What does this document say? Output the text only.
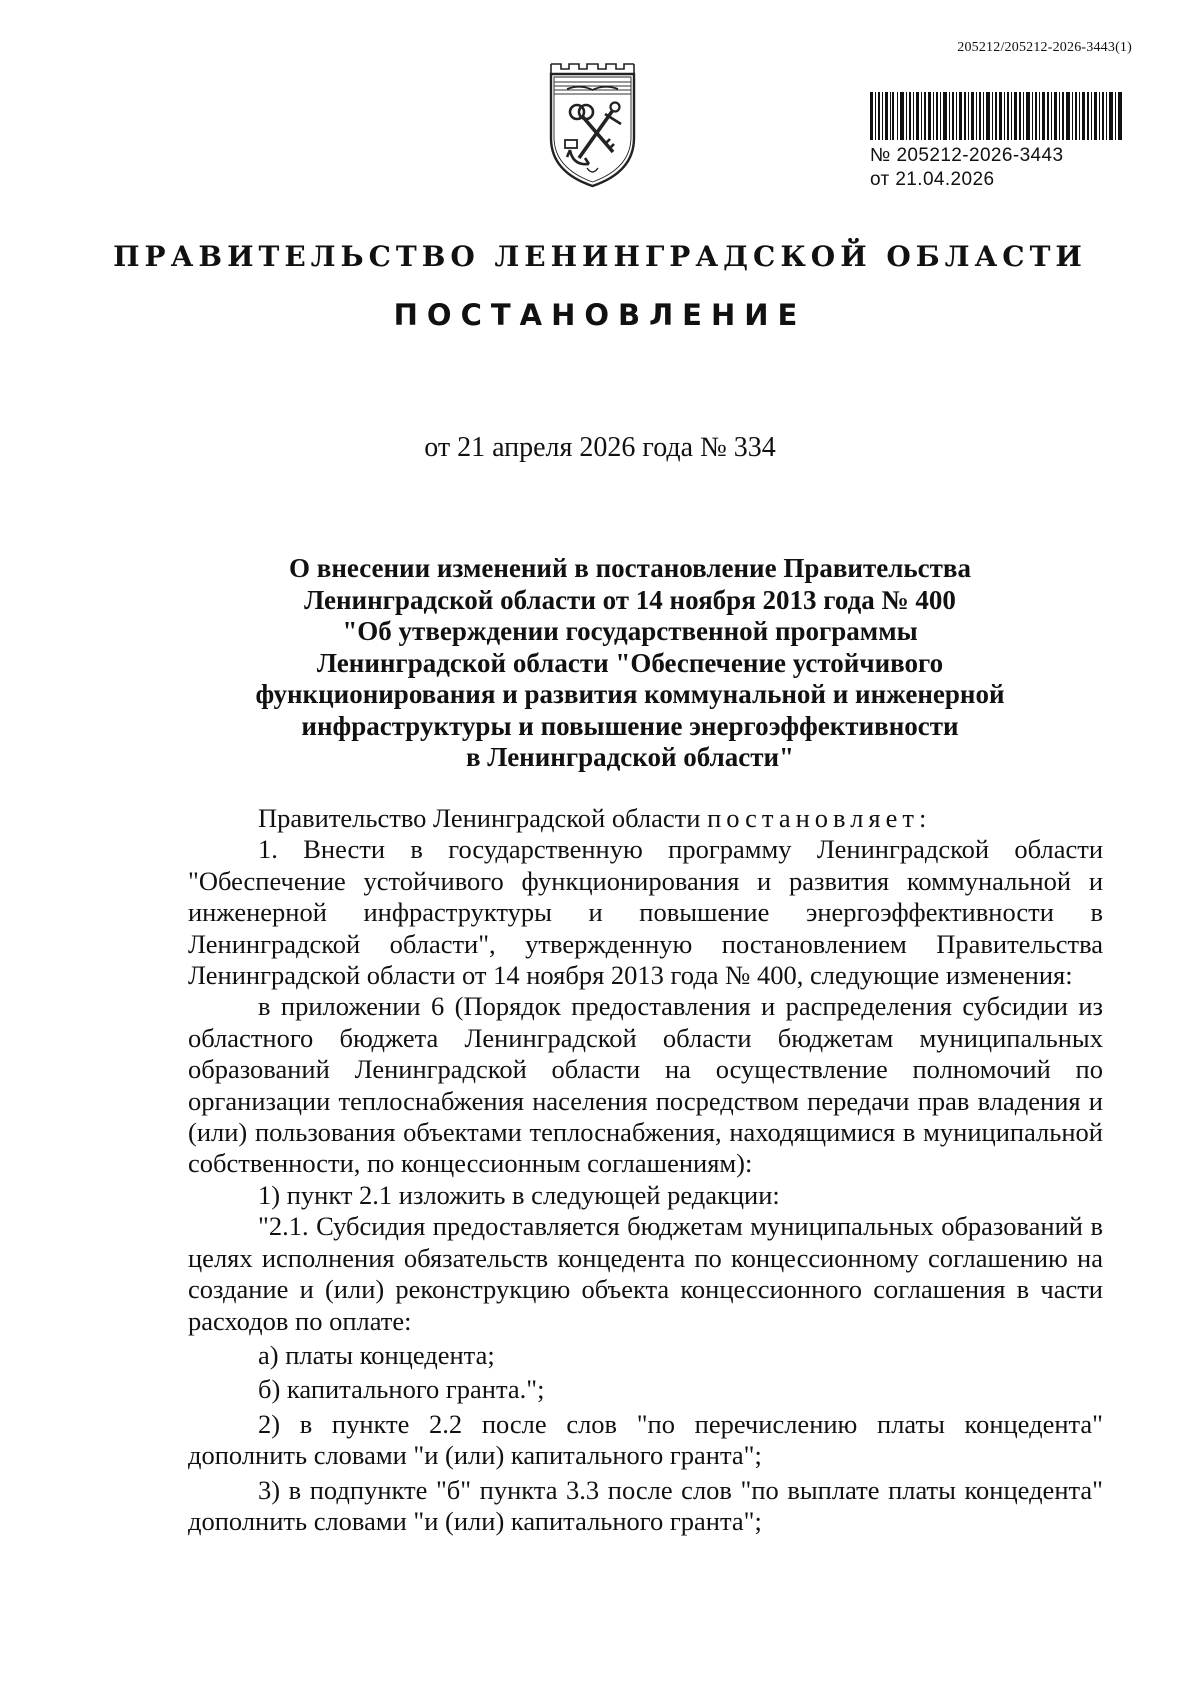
205212/205212-2026-3443(1)
№ 205212-2026-3443
от 21.04.2026
ПРАВИТЕЛЬСТВО ЛЕНИНГРАДСКОЙ ОБЛАСТИ
ПОСТАНОВЛЕНИЕ
от 21 апреля 2026 года № 334
О внесении изменений в постановление Правительства
Ленинградской области от 14 ноября 2013 года № 400
"Об утверждении государственной программы
Ленинградской области "Обеспечение устойчивого
функционирования и развития коммунальной и инженерной
инфраструктуры и повышение энергоэффективности
в Ленинградской области"

Правительство Ленинградской области постановляет:

1. Внести в государственную программу Ленинградской области "Обеспечение устойчивого функционирования и развития коммунальной и инженерной инфраструктуры и повышение энергоэффективности в Ленинградской области", утвержденную постановлением Правительства Ленинградской области от 14 ноября 2013 года № 400, следующие изменения:

в приложении 6 (Порядок предоставления и распределения субсидии из областного бюджета Ленинградской области бюджетам муниципальных образований Ленинградской области на осуществление полномочий по организации теплоснабжения населения посредством передачи прав владения и (или) пользования объектами теплоснабжения, находящимися в муниципальной собственности, по концессионным соглашениям):

1) пункт 2.1 изложить в следующей редакции:

"2.1. Субсидия предоставляется бюджетам муниципальных образований в целях исполнения обязательств концедента по концессионному соглашению на создание и (или) реконструкцию объекта концессионного соглашения в части расходов по оплате:

а) платы концедента;

б) капитального гранта.";

2) в пункте 2.2 после слов "по перечислению платы концедента" дополнить словами "и (или) капитального гранта";

3) в подпункте "б" пункта 3.3 после слов "по выплате платы концедента" дополнить словами "и (или) капитального гранта";
